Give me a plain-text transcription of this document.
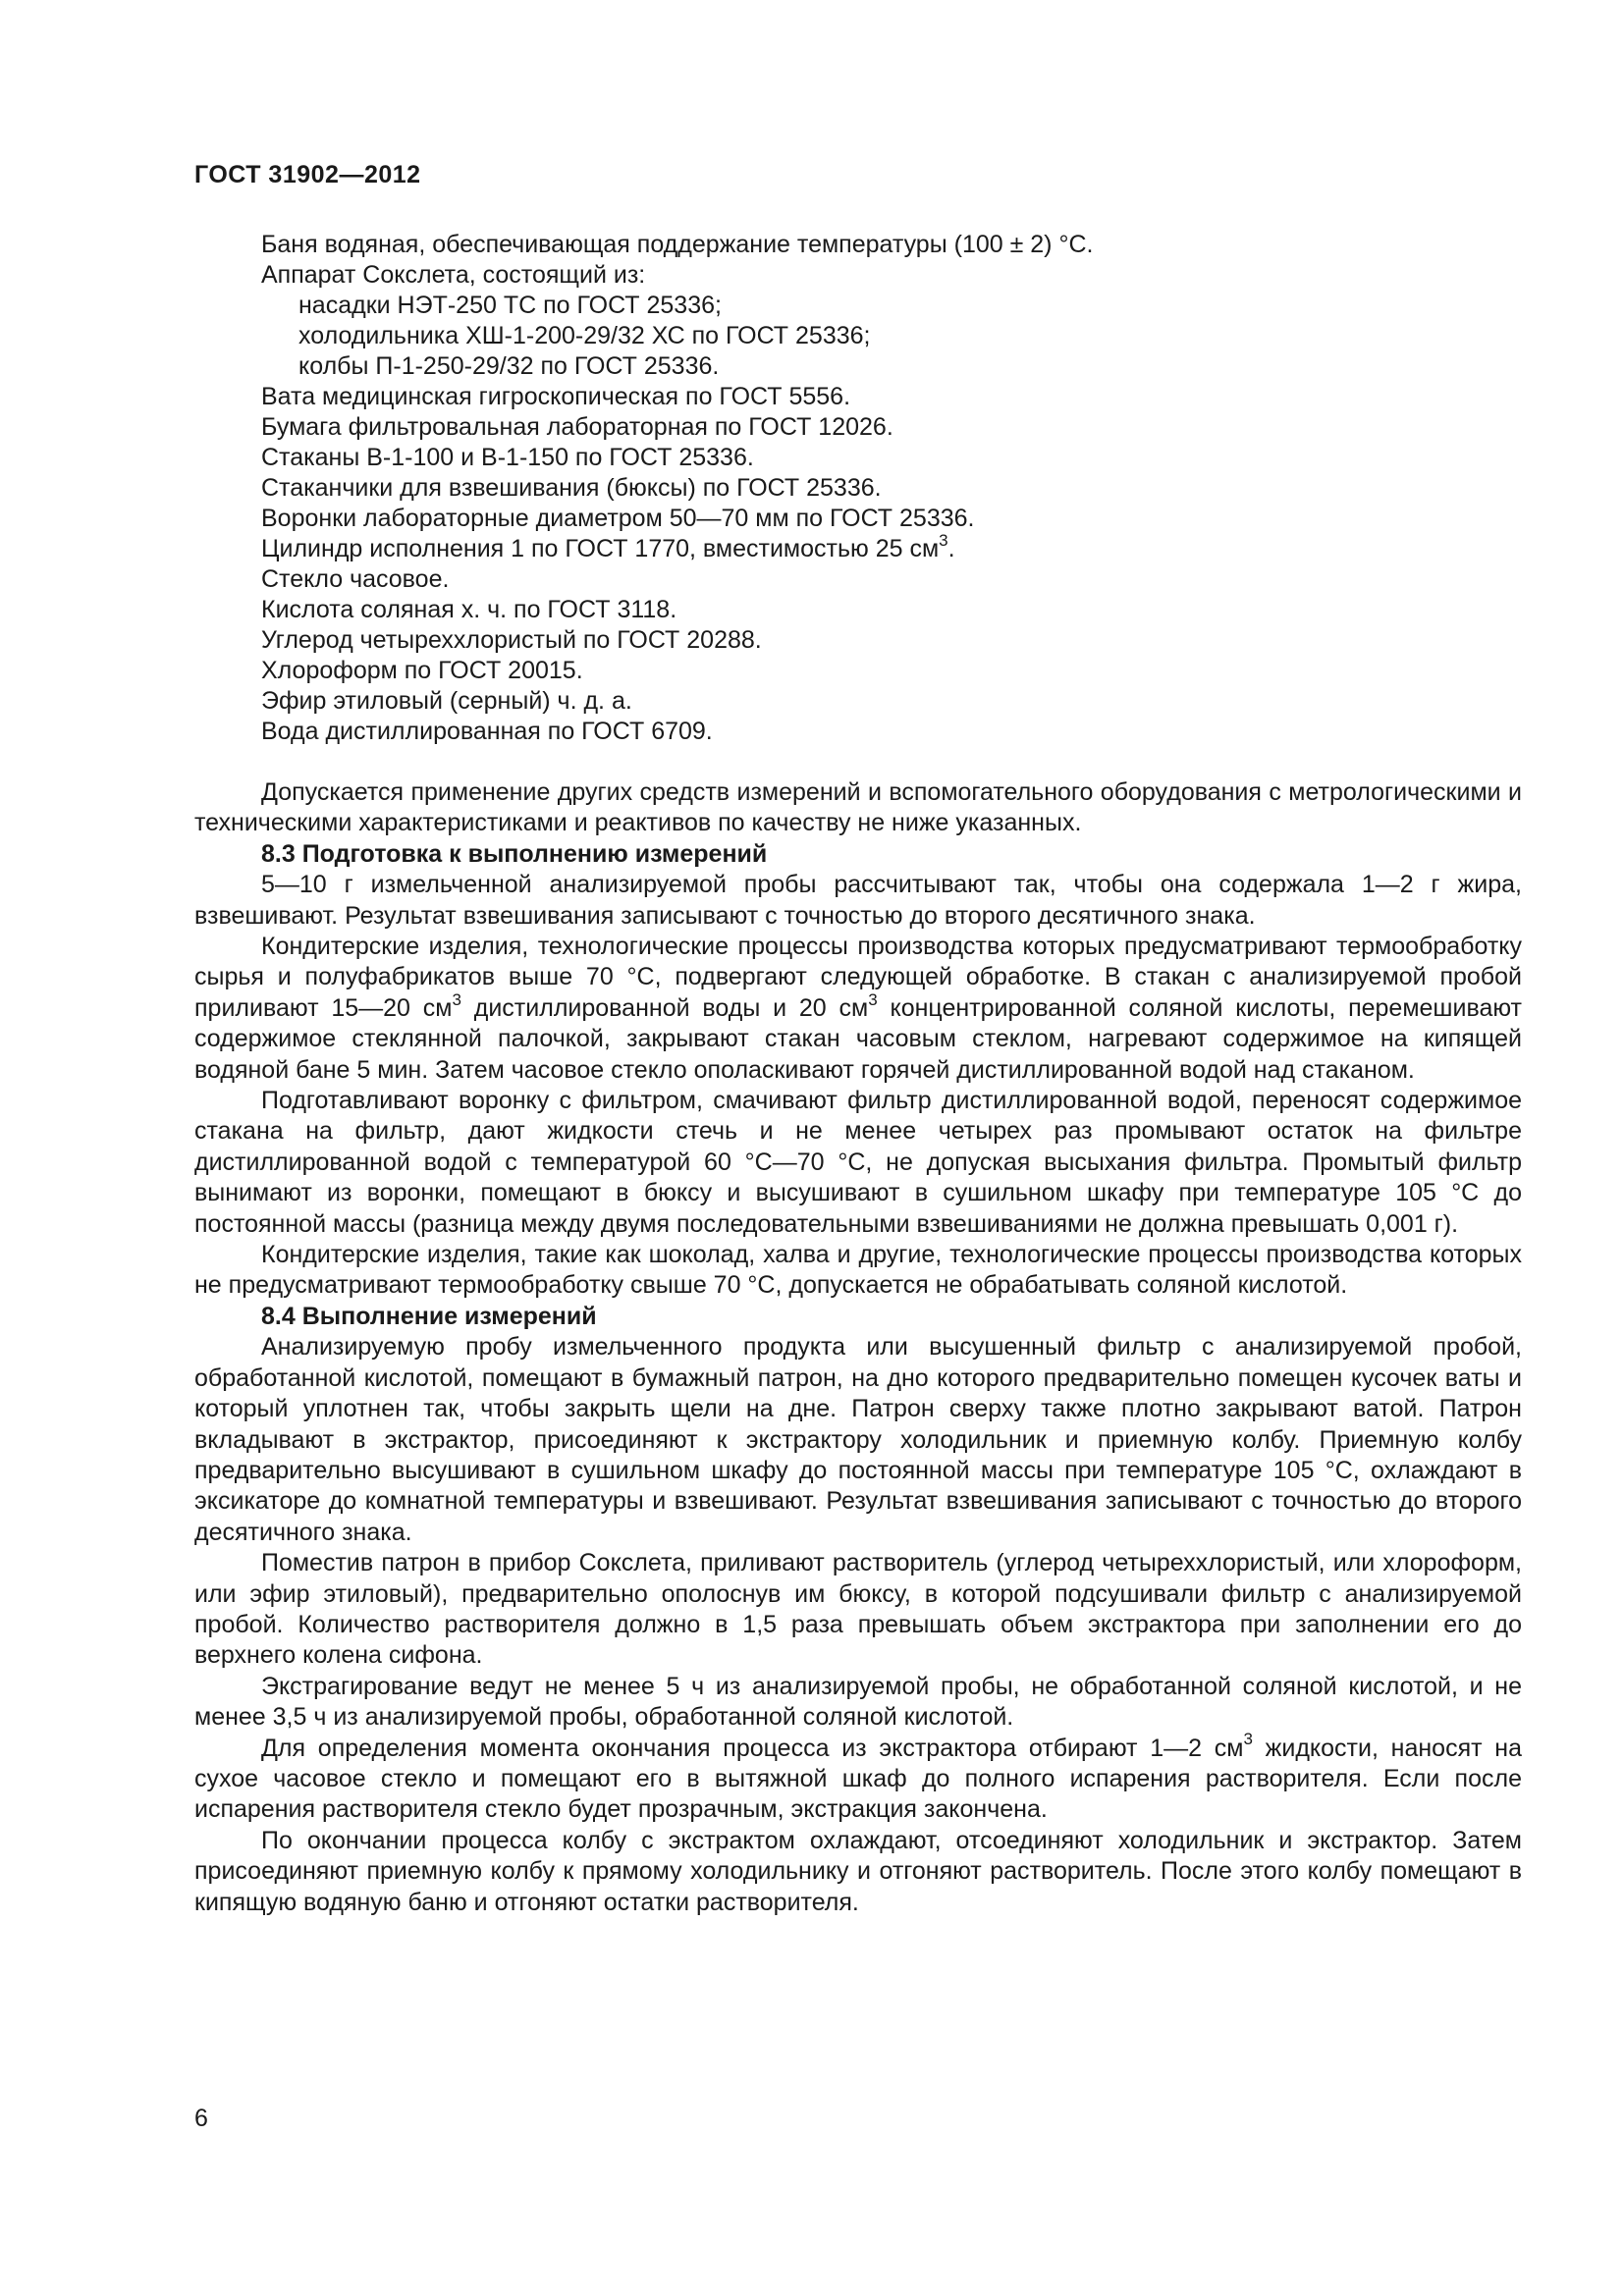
ГОСТ 31902—2012
Баня водяная, обеспечивающая поддержание температуры (100 ± 2) °С.
Аппарат Сокслета, состоящий из:
насадки НЭТ-250 ТС по ГОСТ 25336;
холодильника ХШ-1-200-29/32 ХС по ГОСТ 25336;
колбы П-1-250-29/32 по ГОСТ 25336.
Вата медицинская гигроскопическая по ГОСТ 5556.
Бумага фильтровальная лабораторная по ГОСТ 12026.
Стаканы В-1-100 и В-1-150 по ГОСТ 25336.
Стаканчики для взвешивания (бюксы) по ГОСТ 25336.
Воронки лабораторные диаметром 50—70 мм по ГОСТ 25336.
Цилиндр исполнения 1 по ГОСТ 1770, вместимостью 25 $см^3$.
Стекло часовое.
Кислота соляная х. ч. по ГОСТ 3118.
Углерод четыреххлористый по ГОСТ 20288.
Хлороформ по ГОСТ 20015.
Эфир этиловый (серный) ч. д. а.
Вода дистиллированная по ГОСТ 6709.

Допускается применение других средств измерений и вспомогательного оборудования с метрологическими и техническими характеристиками и реактивов по качеству не ниже указанных.

8.3 Подготовка к выполнению измерений

5—10 г измельченной анализируемой пробы рассчитывают так, чтобы она содержала 1—2 г жира, взвешивают. Результат взвешивания записывают с точностью до второго десятичного знака.

Кондитерские изделия, технологические процессы производства которых предусматривают термообработку сырья и полуфабрикатов выше 70 °С, подвергают следующей обработке. В стакан с анализируемой пробой приливают 15—20 $см^3$ дистиллированной воды и 20 $см^3$ концентрированной соляной кислоты, перемешивают содержимое стеклянной палочкой, закрывают стакан часовым стеклом, нагревают содержимое на кипящей водяной бане 5 мин. Затем часовое стекло ополаскивают горячей дистиллированной водой над стаканом.

Подготавливают воронку с фильтром, смачивают фильтр дистиллированной водой, переносят содержимое стакана на фильтр, дают жидкости стечь и не менее четырех раз промывают остаток на фильтре дистиллированной водой с температурой 60 °С—70 °С, не допуская высыхания фильтра. Промытый фильтр вынимают из воронки, помещают в бюксу и высушивают в сушильном шкафу при температуре 105 °С до постоянной массы (разница между двумя последовательными взвешиваниями не должна превышать 0,001 г).

Кондитерские изделия, такие как шоколад, халва и другие, технологические процессы производства которых не предусматривают термообработку свыше 70 °С, допускается не обрабатывать соляной кислотой.

8.4 Выполнение измерений

Анализируемую пробу измельченного продукта или высушенный фильтр с анализируемой пробой, обработанной кислотой, помещают в бумажный патрон, на дно которого предварительно помещен кусочек ваты и который уплотнен так, чтобы закрыть щели на дне. Патрон сверху также плотно закрывают ватой. Патрон вкладывают в экстрактор, присоединяют к экстрактору холодильник и приемную колбу. Приемную колбу предварительно высушивают в сушильном шкафу до постоянной массы при температуре 105 °С, охлаждают в эксикаторе до комнатной температуры и взвешивают. Результат взвешивания записывают с точностью до второго десятичного знака.

Поместив патрон в прибор Сокслета, приливают растворитель (углерод четыреххлористый, или хлороформ, или эфир этиловый), предварительно ополоснув им бюксу, в которой подсушивали фильтр с анализируемой пробой. Количество растворителя должно в 1,5 раза превышать объем экстрактора при заполнении его до верхнего колена сифона.

Экстрагирование ведут не менее 5 ч из анализируемой пробы, не обработанной соляной кислотой, и не менее 3,5 ч из анализируемой пробы, обработанной соляной кислотой.

Для определения момента окончания процесса из экстрактора отбирают 1—2 $см^3$ жидкости, наносят на сухое часовое стекло и помещают его в вытяжной шкаф до полного испарения растворителя. Если после испарения растворителя стекло будет прозрачным, экстракция закончена.

По окончании процесса колбу с экстрактом охлаждают, отсоединяют холодильник и экстрактор. Затем присоединяют приемную колбу к прямому холодильнику и отгоняют растворитель. После этого колбу помещают в кипящую водяную баню и отгоняют остатки растворителя.

6
